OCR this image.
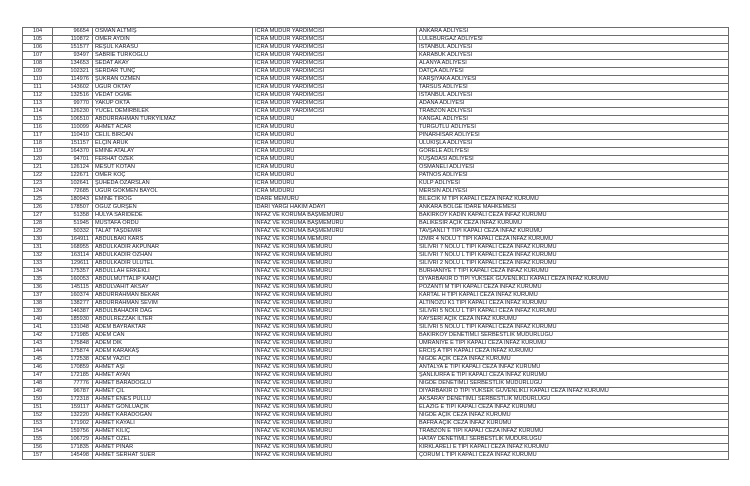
104	96654	OSMAN ALTMIŞ	İCRA MÜDÜR YARDIMCISI	ANKARA ADLİYESİ
105	110872	ÖMER AYDIN	İCRA MÜDÜR YARDIMCISI	LÜLEBURGAZ ADLİYESİ
106	151577	REŞUL KARASU	İCRA MÜDÜR YARDIMCISI	İSTANBUL ADLİYESİ
107	93497	SABRİE TÜRKOĞLU	İCRA MÜDÜR YARDIMCISI	KARABÜK ADLİYESİ
108	134653	SEDAT AKAY	İCRA MÜDÜR YARDIMCISI	ALANYA ADLİYESİ
109	102321	SERDAR TUNÇ	İCRA MÜDÜR YARDIMCISI	DATÇA ADLİYESİ
110	114976	ŞÜKRAN ÖZMEN	İCRA MÜDÜR YARDIMCISI	KARŞIYAKA ADLİYESİ
111	143602	UĞUR OKTAY	İCRA MÜDÜR YARDIMCISI	TARSUS ADLİYESİ
112	132516	VEDAT ÖĞME	İCRA MÜDÜR YARDIMCISI	İSTANBUL ADLİYESİ
113	99770	YAKUP OKTA	İCRA MÜDÜR YARDIMCISI	ADANA ADLİYESİ
114	126230	YÜCEL DEMİRBİLEK	İCRA MÜDÜR YARDIMCISI	TRABZON ADLİYESİ
115	106510	ABDURRAHMAN TÜRKYILMAZ	İCRA MÜDÜRÜ	KANGAL ADLİYESİ
116	110099	AHMET ACAR	İCRA MÜDÜRÜ	TURGUTLU ADLİYESİ
117	110410	CELİL BİRCAN	İCRA MÜDÜRÜ	PINARHİSAR ADLİYESİ
118	151157	ELÇİN ARUK	İCRA MÜDÜRÜ	ULUKIŞLA ADLİYESİ
119	164370	EMİNE ATALAY	İCRA MÜDÜRÜ	GÖRELE ADLİYESİ
120	94701	FERHAT ÖZEK	İCRA MÜDÜRÜ	KUŞADASI ADLİYESİ
121	126124	MESUT KOTAN	İCRA MÜDÜRÜ	OSMANELİ ADLİYESİ
122	122671	ÖMER KOÇ	İCRA MÜDÜRÜ	PATNOS ADLİYESİ
123	102641	ŞÜHEDA ÖZARSLAN	İCRA MÜDÜRÜ	KULP ADLİYESİ
124	72685	UĞUR GÖKMEN BAYOL	İCRA MÜDÜRÜ	MERSİN ADLİYESİ
125	180943	EMİNE TİROĞ	İDARE MEMURU	BİLECİK M TİPİ KAPALI CEZA İNFAZ KURUMU
126	178507	OĞUZ GÜRŞEN	İDARİ YARGI HAKİM ADAYI	ANKARA BÖLGE İDARE MAHKEMESİ
127	51358	HÜLYA SARIDEDE	İNFAZ VE KORUMA BAŞMEMURU	BAKIRKÖY KADIN KAPALI CEZA İNFAZ KURUMU
128	51945	MUSTAFA ORDU	İNFAZ VE KORUMA BAŞMEMURU	BALIKESİR AÇIK CEZA İNFAZ KURUMU
129	50332	TALAT TAŞDEMİR	İNFAZ VE KORUMA BAŞMEMURU	TAVŞANLI T TİPİ KAPALI CEZA İNFAZ KURUMU
130	164911	ABDULBAKİ KARS	İNFAZ VE KORUMA MEMURU	İZMİR 4 NOLU T TİPİ KAPALI CEZA İNFAZ KURUMU
131	168955	ABDULKADİR AKPUNAR	İNFAZ VE KORUMA MEMURU	SİLİVRİ 7 NOLU L TİPİ KAPALI CEZA İNFAZ KURUMU
132	163114	ABDULKADİR ÖZHAN	İNFAZ VE KORUMA MEMURU	SİLİVRİ 7 NOLU L TİPİ KAPALI CEZA İNFAZ KURUMU
133	129611	ABDULKADİR ULUTEL	İNFAZ VE KORUMA MEMURU	SİLİVRİ 2 NOLU L TİPİ KAPALI CEZA İNFAZ KURUMU
134	175357	ABDULLAH ERKEKLİ	İNFAZ VE KORUMA MEMURU	BURHANİYE T TİPİ KAPALI CEZA İNFAZ KURUMU
135	160053	ABDULMÜTTALİP KAMÇI	İNFAZ VE KORUMA MEMURU	DİYARBAKIR D TİPİ YÜKSEK GÜVENLİKLİ KAPALI CEZA İNFAZ KURUMU
136	145115	ABDULVAHİT AKSAY	İNFAZ VE KORUMA MEMURU	POZANTI M TİPİ KAPALI CEZA İNFAZ KURUMU
137	160374	ABDURRAHMAN BEKAR	İNFAZ VE KORUMA MEMURU	KARTAL H TİPİ KAPALI CEZA İNFAZ KURUMU
138	138277	ABDURRAHMAN SEVİM	İNFAZ VE KORUMA MEMURU	ALTINÖZÜ K1 TİPİ KAPALI CEZA İNFAZ KURUMU
139	146387	ABDÜLBAHADIR DAĞ	İNFAZ VE KORUMA MEMURU	SİLİVRİ 5 NOLU L TİPİ KAPALI CEZA İNFAZ KURUMU
140	185930	ABDÜLREZZAK İLTER	İNFAZ VE KORUMA MEMURU	KAYSERİ AÇIK CEZA İNFAZ KURUMU
141	131048	ADEM BAYRAKTAR	İNFAZ VE KORUMA MEMURU	SİLİVRİ 5 NOLU L TİPİ KAPALI CEZA İNFAZ KURUMU
142	171985	ADEM CAN	İNFAZ VE KORUMA MEMURU	BAKIRKÖY DENETİMLİ SERBESTLİK MÜDÜRLÜĞÜ
143	175848	ADEM DİK	İNFAZ VE KORUMA MEMURU	ÜMRANİYE E TİPİ KAPALI CEZA İNFAZ KURUMU
144	175874	ADEM KARAKAŞ	İNFAZ VE KORUMA MEMURU	ERCİŞ A TİPİ KAPALI CEZA İNFAZ KURUMU
145	172538	ADEM YAZICI	İNFAZ VE KORUMA MEMURU	NİĞDE AÇIK CEZA İNFAZ KURUMU
146	170859	AHMET AŞI	İNFAZ VE KORUMA MEMURU	ANTALYA E TİPİ KAPALI CEZA İNFAZ KURUMU
147	172185	AHMET AYAN	İNFAZ VE KORUMA MEMURU	ŞANLIURFA E TİPİ KAPALI CEZA İNFAZ KURUMU
148	77776	AHMET BARADOĞLU	İNFAZ VE KORUMA MEMURU	NİĞDE DENETİMLİ SERBESTLİK MÜDÜRLÜĞÜ
149	96787	AHMET ÇİL	İNFAZ VE KORUMA MEMURU	DİYARBAKIR D TİPİ YÜKSEK GÜVENLİKLİ KAPALI CEZA İNFAZ KURUMU
150	172318	AHMET ENES PULLU	İNFAZ VE KORUMA MEMURU	AKSARAY DENETİMLİ SERBESTLİK MÜDÜRLÜĞÜ
151	159117	AHMET GÖNLÜAÇIK	İNFAZ VE KORUMA MEMURU	ELAZIĞ E TİPİ KAPALI CEZA İNFAZ KURUMU
152	132220	AHMET KARADOĞAN	İNFAZ VE KORUMA MEMURU	NİĞDE AÇIK CEZA İNFAZ KURUMU
153	171902	AHMET KAYALI	İNFAZ VE KORUMA MEMURU	BAFRA AÇIK CEZA İNFAZ KURUMU
154	159756	AHMET KILIÇ	İNFAZ VE KORUMA MEMURU	TRABZON E TİPİ KAPALI CEZA İNFAZ KURUMU
155	106729	AHMET ÖZEL	İNFAZ VE KORUMA MEMURU	HATAY DENETİMLİ SERBESTLİK MÜDÜRLÜĞÜ
156	171835	AHMET PINAR	İNFAZ VE KORUMA MEMURU	KIRKLARELİ E TİPİ KAPALI CEZA İNFAZ KURUMU
157	145498	AHMET SERHAT SÜER	İNFAZ VE KORUMA MEMURU	ÇORUM L TİPİ KAPALI CEZA İNFAZ KURUMU
